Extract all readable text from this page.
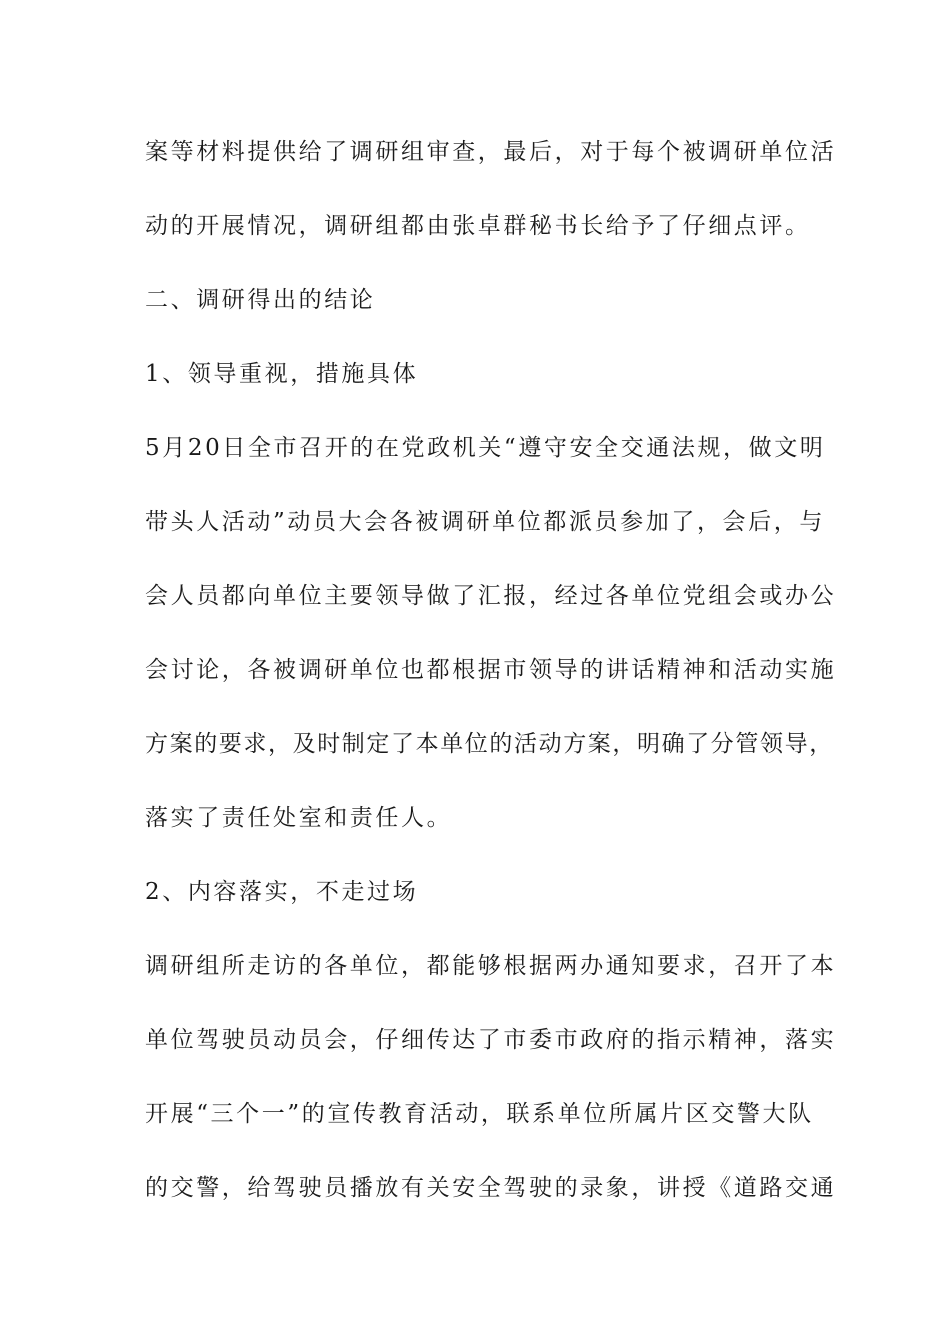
案等材料提供给了调研组审查，最后，对于每个被调研单位活
动的开展情况，调研组都由张卓群秘书长给予了仔细点评。
二、调研得出的结论
1、领导重视，措施具体
5月20日全市召开的在党政机关“遵守安全交通法规，做文明
带头人活动”动员大会各被调研单位都派员参加了，会后，与
会人员都向单位主要领导做了汇报，经过各单位党组会或办公
会讨论，各被调研单位也都根据市领导的讲话精神和活动实施
方案的要求，及时制定了本单位的活动方案，明确了分管领导，
落实了责任处室和责任人。
2、内容落实，不走过场
调研组所走访的各单位，都能够根据两办通知要求，召开了本
单位驾驶员动员会，仔细传达了市委市政府的指示精神，落实
开展“三个一”的宣传教育活动，联系单位所属片区交警大队
的交警，给驾驶员播放有关安全驾驶的录象，讲授《道路交通
